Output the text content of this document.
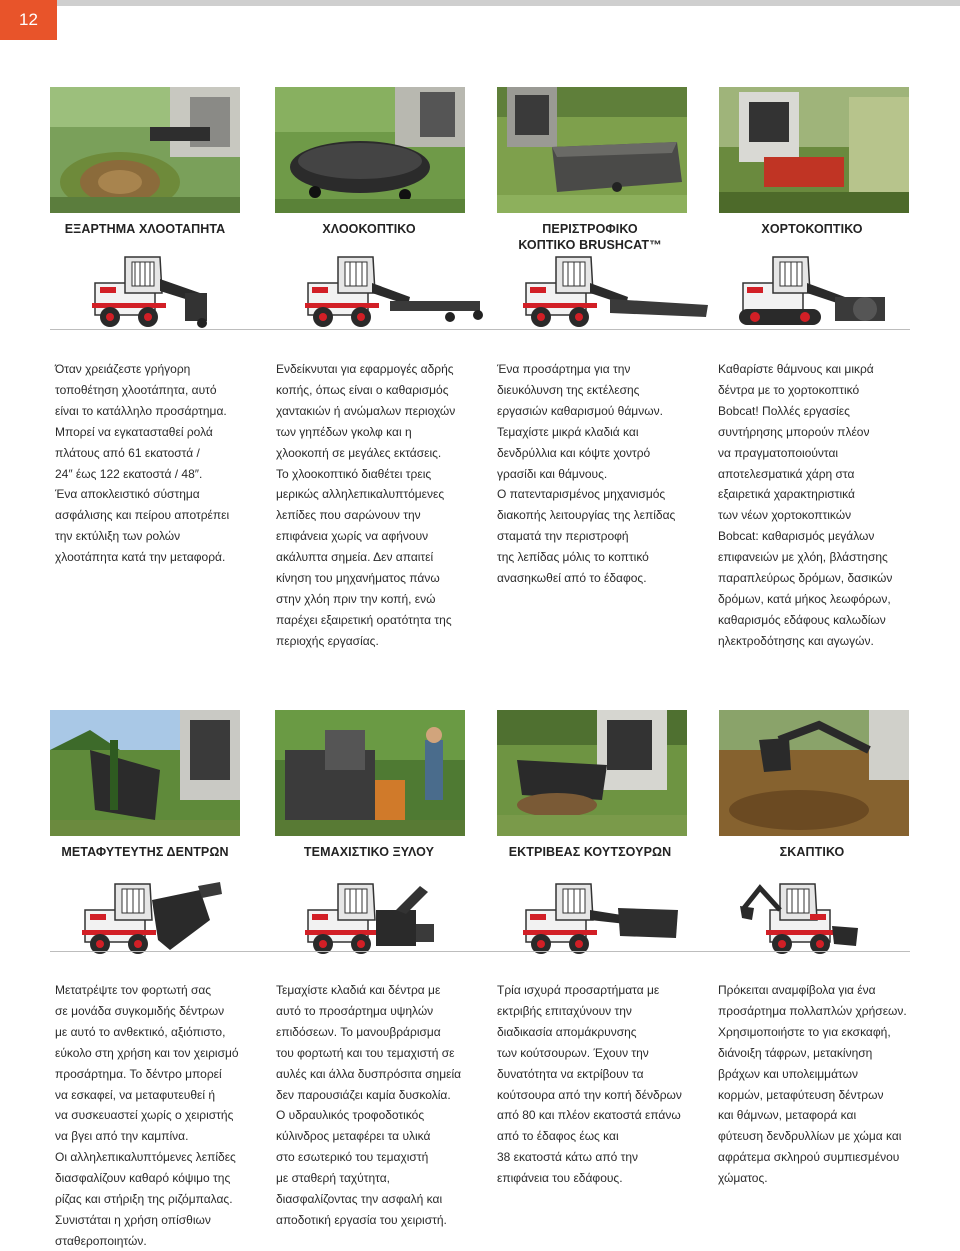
12
ΕΞΑΡΤΗΜΑ ΧΛΟΟΤΑΠΗΤΑ	ΧΛΟΟΚΟΠΤΙΚΟ	ΠΕΡΙΣΤΡΟΦΙΚΟ ΚΟΠΤΙΚΟ BRUSHCAT™
ΧΟΡΤΟΚΟΠΤΙΚΟ

Όταν χρειάζεστε γρήγορη

τοποθέτηση χλοοτάπητα, αυτό

είναι το κατάλληλο προσάρτημα.

Μπορεί να εγκατασταθεί ρολά

πλάτους από 61 εκατοστά /

24″ έως 122 εκατοστά / 48″.

Ένα αποκλειστικό σύστημα

ασφάλισης και πείρου αποτρέπει

την εκτύλιξη των ρολών

χλοοτάπητα κατά την μεταφορά.

Ενδείκνυται για εφαρμογές αδρής

κοπής, όπως είναι ο καθαρισμός

χαντακιών ή ανώμαλων περιοχών

των γηπέδων γκολφ και η

χλοοκοπή σε μεγάλες εκτάσεις.

Το χλοοκοπτικό διαθέτει τρεις

μερικώς αλληλεπικαλυπτόμενες

λεπίδες που σαρώνουν την

επιφάνεια χωρίς να αφήνουν

ακάλυπτα σημεία. Δεν απαιτεί

κίνηση του μηχανήματος πάνω

στην χλόη πριν την κοπή, ενώ

παρέχει εξαιρετική ορατότητα της

περιοχής εργασίας.

Ένα προσάρτημα για την

διευκόλυνση της εκτέλεσης

εργασιών καθαρισμού θάμνων.

Τεμαχίστε μικρά κλαδιά και

δενδρύλλια και κόψτε χοντρό

γρασίδι και θάμνους.

Ο πατενταρισμένος μηχανισμός

διακοπής λειτουργίας της λεπίδας

σταματά την περιστροφή

της λεπίδας μόλις το κοπτικό

ανασηκωθεί από το έδαφος.

Καθαρίστε θάμνους και μικρά

δέντρα με το χορτοκοπτικό

Bobcat! Πολλές εργασίες

συντήρησης μπορούν πλέον

να πραγματοποιούνται

αποτελεσματικά χάρη στα

εξαιρετικά χαρακτηριστικά

των νέων χορτοκοπτικών

Bobcat: καθαρισμός μεγάλων

επιφανειών με χλόη, βλάστησης

παραπλεύρως δρόμων, δασικών

δρόμων, κατά μήκος λεωφόρων,

καθαρισμός εδάφους καλωδίων

ηλεκτροδότησης και αγωγών.

ΜΕΤΑΦΥΤΕΥΤΗΣ ΔΕΝΤΡΩΝ	ΤΕΜΑΧΙΣΤΙΚΟ ΞΥΛΟΥ	ΕΚΤΡΙΒΕΑΣ ΚΟΥΤΣΟΥΡΩΝ	ΣΚΑΠΤΙΚΟ

Μετατρέψτε τον φορτωτή σας

σε μονάδα συγκομιδής δέντρων

με αυτό το ανθεκτικό, αξιόπιστο,

εύκολο στη χρήση και τον χειρισμό

προσάρτημα. Το δέντρο μπορεί

να εσκαφεί, να μεταφυτευθεί ή

να συσκευαστεί χωρίς ο χειριστής

να βγει από την καμπίνα.

Οι αλληλεπικαλυπτόμενες λεπίδες

διασφαλίζουν καθαρό κόψιμο της

ρίζας και στήριξη της ριζόμπαλας.

Συνιστάται η χρήση οπίσθιων

σταθεροποιητών.

Τεμαχίστε κλαδιά και δέντρα με

αυτό το προσάρτημα υψηλών

επιδόσεων. Το μανουβράρισμα

του φορτωτή και του τεμαχιστή σε

αυλές και άλλα δυσπρόσιτα σημεία

δεν παρουσιάζει καμία δυσκολία.

Ο υδραυλικός τροφοδοτικός

κύλινδρος μεταφέρει τα υλικά

στο εσωτερικό του τεμαχιστή

με σταθερή ταχύτητα,

διασφαλίζοντας την ασφαλή και

αποδοτική εργασία του χειριστή.

Τρία ισχυρά προσαρτήματα με

εκτριβής επιταχύνουν την

διαδικασία απομάκρυνσης

των κούτσουρων. Έχουν την

δυνατότητα να εκτρίβουν τα

κούτσουρα από την κοπή δένδρων

από 80 και πλέον εκατοστά επάνω

από το έδαφος έως και

38 εκατοστά κάτω από την

επιφάνεια του εδάφους.

Πρόκειται αναμφίβολα για ένα

προσάρτημα πολλαπλών χρήσεων.

Χρησιμοποιήστε το για εκσκαφή,

διάνοιξη τάφρων, μετακίνηση

βράχων και υπολειμμάτων

κορμών, μεταφύτευση δέντρων

και θάμνων, μεταφορά και

φύτευση δενδρυλλίων με χώμα και

αφράτεμα σκληρού συμπιεσμένου

χώματος.
